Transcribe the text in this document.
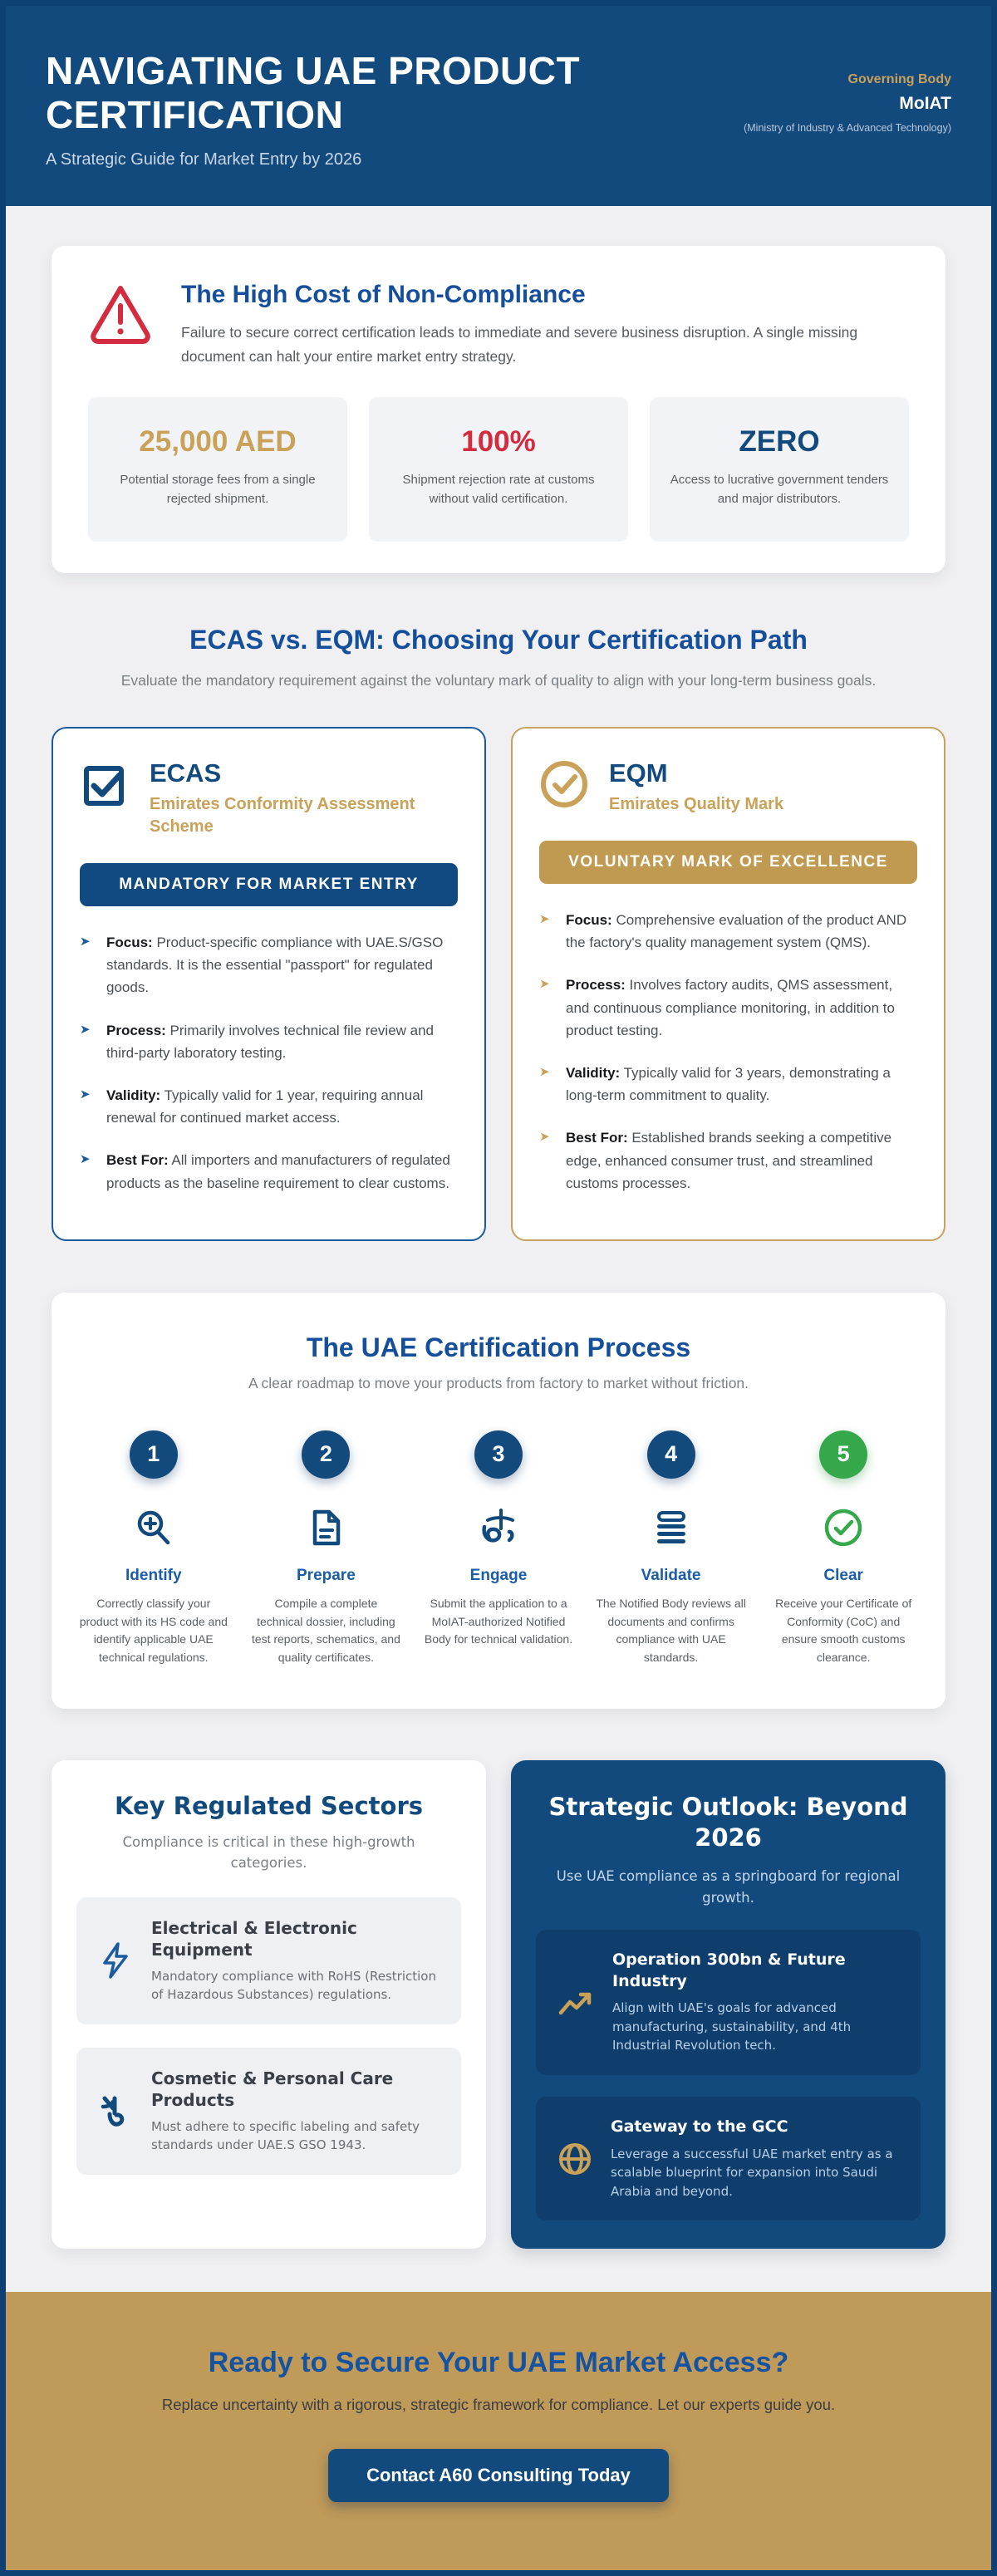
NAVIGATING UAE PRODUCT CERTIFICATION
A Strategic Guide for Market Entry by 2026
Governing Body
MoIAT
(Ministry of Industry & Advanced Technology)
The High Cost of Non-Compliance

Failure to secure correct certification leads to immediate and severe business disruption. A single missing document can halt your entire market entry strategy.

25,000 AED
Potential storage fees from a single rejected shipment.
100%
Shipment rejection rate at customs without valid certification.
ZERO
Access to lucrative government tenders and major distributors.
ECAS vs. EQM: Choosing Your Certification Path

Evaluate the mandatory requirement against the voluntary mark of quality to align with your long-term business goals.

ECAS
Emirates Conformity Assessment Scheme
MANDATORY FOR MARKET ENTRY
➤ Focus: Product-specific compliance with UAE.S/GSO standards. It is the essential "passport" for regulated goods.
➤ Process: Primarily involves technical file review and third-party laboratory testing.
➤ Validity: Typically valid for 1 year, requiring annual renewal for continued market access.
➤ Best For: All importers and manufacturers of regulated products as the baseline requirement to clear customs.
EQM
Emirates Quality Mark
VOLUNTARY MARK OF EXCELLENCE
➤ Focus: Comprehensive evaluation of the product AND the factory's quality management system (QMS).
➤ Process: Involves factory audits, QMS assessment, and continuous compliance monitoring, in addition to product testing.
➤ Validity: Typically valid for 3 years, demonstrating a long-term commitment to quality.
➤ Best For: Established brands seeking a competitive edge, enhanced consumer trust, and streamlined customs processes.
The UAE Certification Process
A clear roadmap to move your products from factory to market without friction.
1
Identify
Correctly classify your product with its HS code and identify applicable UAE technical regulations.
2
Prepare
Compile a complete technical dossier, including test reports, schematics, and quality certificates.
3
Engage
Submit the application to a MoIAT-authorized Notified Body for technical validation.
4
Validate
The Notified Body reviews all documents and confirms compliance with UAE standards.
5
Clear
Receive your Certificate of Conformity (CoC) and ensure smooth customs clearance.
Key Regulated Sectors
Compliance is critical in these high-growth categories.
Electrical & Electronic Equipment
Mandatory compliance with RoHS (Restriction of Hazardous Substances) regulations.
Cosmetic & Personal Care Products
Must adhere to specific labeling and safety standards under UAE.S GSO 1943.
Strategic Outlook: Beyond 2026
Use UAE compliance as a springboard for regional growth.
Operation 300bn & Future Industry
Align with UAE's goals for advanced manufacturing, sustainability, and 4th Industrial Revolution tech.
Gateway to the GCC
Leverage a successful UAE market entry as a scalable blueprint for expansion into Saudi Arabia and beyond.
Ready to Secure Your UAE Market Access?

Replace uncertainty with a rigorous, strategic framework for compliance. Let our experts guide you.

Contact A60 Consulting Today
